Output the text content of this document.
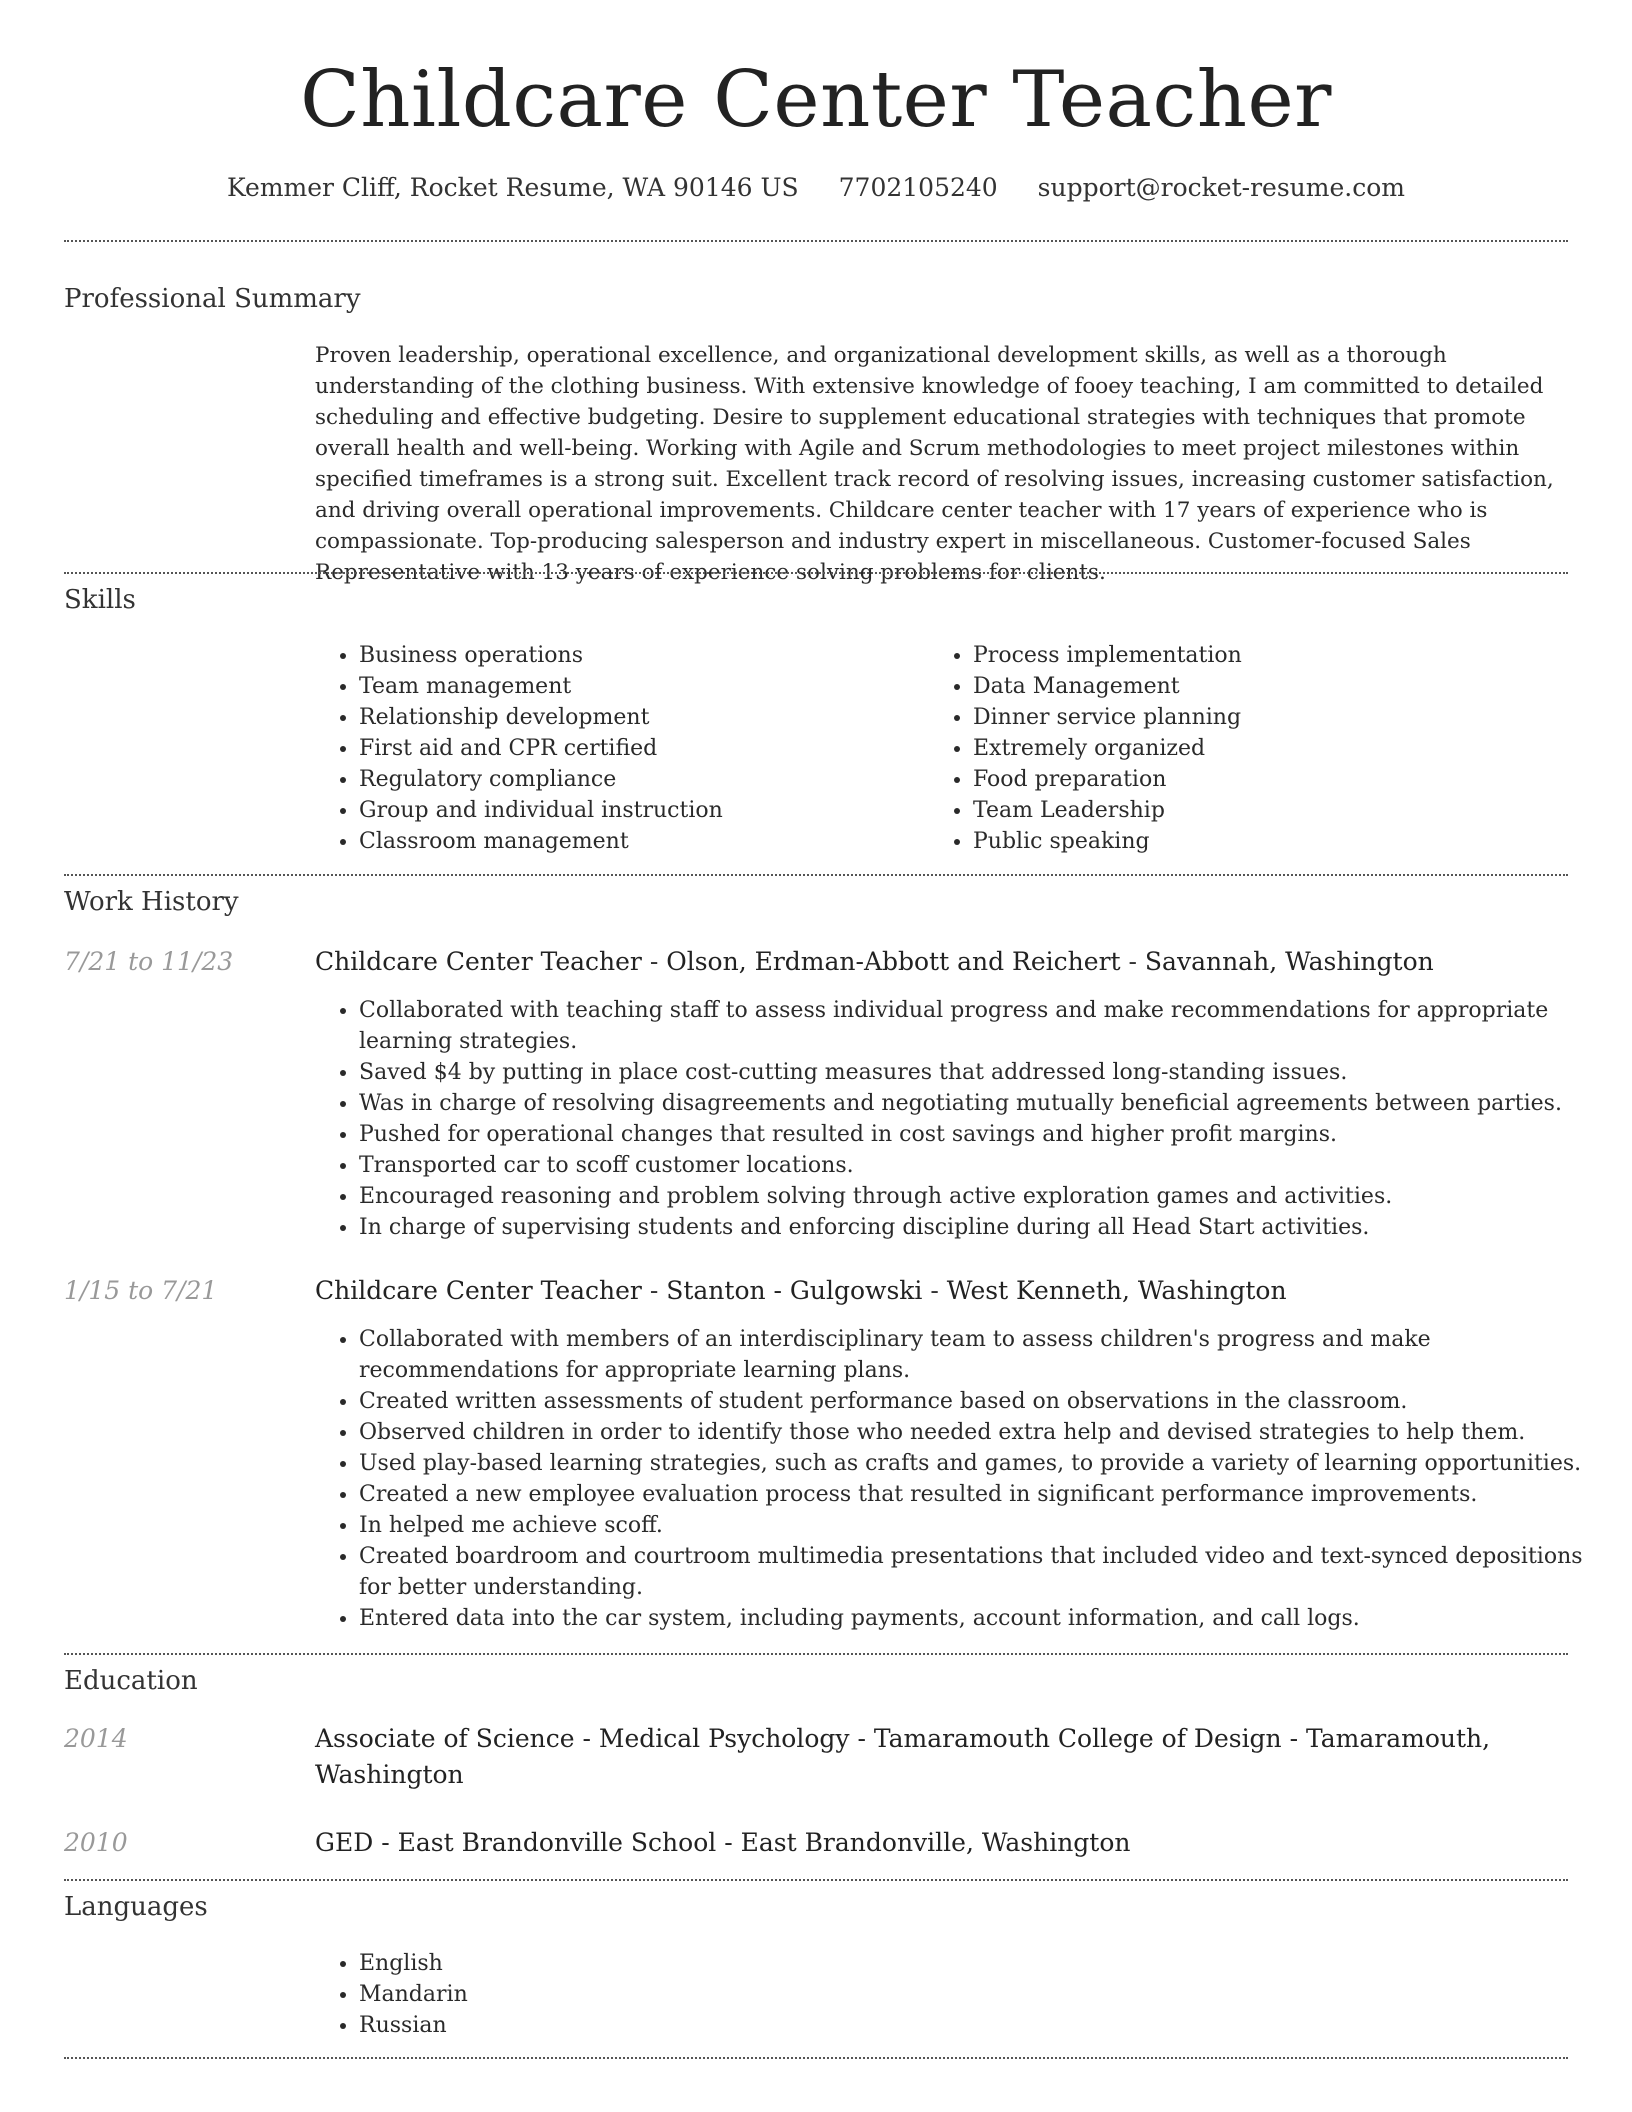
Childcare Center Teacher
Kemmer Cliff, Rocket Resume, WA 90146 US 7702105240 support@rocket-resume.com
Professional Summary

Proven leadership, operational excellence, and organizational development skills, as well as a thorough understanding of the clothing business. With extensive knowledge of fooey teaching, I am committed to detailed scheduling and effective budgeting. Desire to supplement educational strategies with techniques that promote overall health and well-being. Working with Agile and Scrum methodologies to meet project milestones within specified timeframes is a strong suit. Excellent track record of resolving issues, increasing customer satisfaction, and driving overall operational improvements. Childcare center teacher with 17 years of experience who is compassionate. Top-producing salesperson and industry expert in miscellaneous. Customer-focused Sales Representative with 13 years of experience solving problems for clients.

Skills
• Business operations
• Team management
• Relationship development
• First aid and CPR certified
• Regulatory compliance
• Group and individual instruction
• Classroom management
• Process implementation
• Data Management
• Dinner service planning
• Extremely organized
• Food preparation
• Team Leadership
• Public speaking
Work History
7/21 to 11/23	Childcare Center Teacher - Olson, Erdman-Abbott and Reichert - Savannah, Washington
• Collaborated with teaching staff to assess individual progress and make recommendations for appropriate learning strategies.
• Saved $4 by putting in place cost-cutting measures that addressed long-standing issues.
• Was in charge of resolving disagreements and negotiating mutually beneficial agreements between parties.
• Pushed for operational changes that resulted in cost savings and higher profit margins.
• Transported car to scoff customer locations.
• Encouraged reasoning and problem solving through active exploration games and activities.
• In charge of supervising students and enforcing discipline during all Head Start activities.
1/15 to 7/21	Childcare Center Teacher - Stanton - Gulgowski - West Kenneth, Washington
• Collaborated with members of an interdisciplinary team to assess children's progress and make recommendations for appropriate learning plans.
• Created written assessments of student performance based on observations in the classroom.
• Observed children in order to identify those who needed extra help and devised strategies to help them.
• Used play-based learning strategies, such as crafts and games, to provide a variety of learning opportunities.
• Created a new employee evaluation process that resulted in significant performance improvements.
• In helped me achieve scoff.
• Created boardroom and courtroom multimedia presentations that included video and text-synced depositions for better understanding.
• Entered data into the car system, including payments, account information, and call logs.
Education
2014	Associate of Science - Medical Psychology - Tamaramouth College of Design - Tamaramouth, Washington
2010	GED - East Brandonville School - East Brandonville, Washington
Languages
• English
• Mandarin
• Russian
